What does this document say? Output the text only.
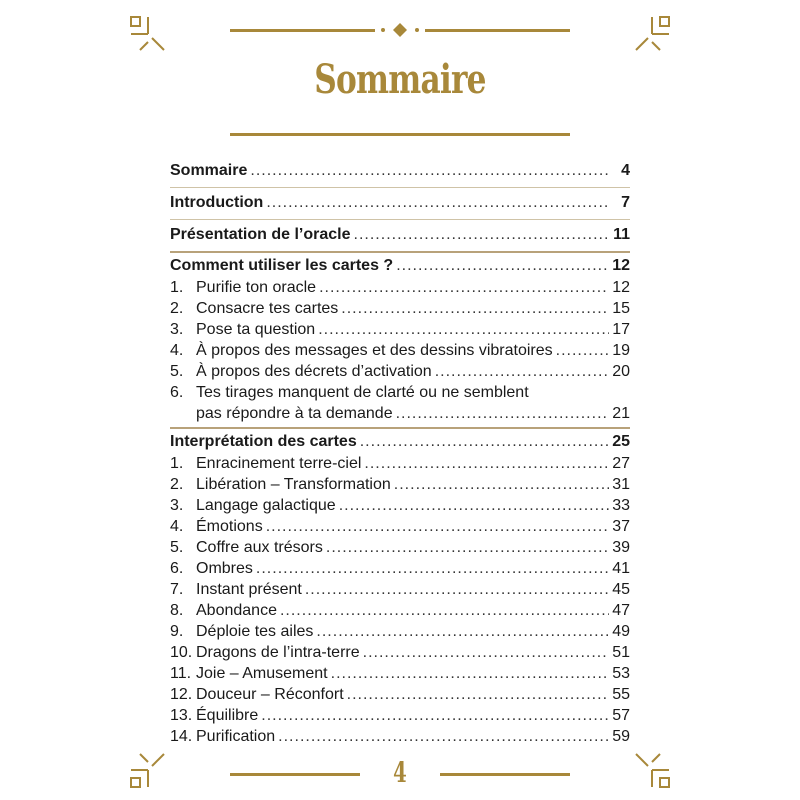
Sommaire
Sommaire .....	4
Introduction .....	7
Présentation de l’oracle .....	11
Comment utiliser les cartes ? .....	12
1. Purifie ton oracle .....	12
2. Consacre tes cartes .....	15
3. Pose ta question .....	17
4. À propos des messages et des dessins vibratoires .....	19
5. À propos des décrets d’activation .....	20
6. Tes tirages manquent de clarté ou ne semblent
pas répondre à ta demande .....	21
Interprétation des cartes .....	25
1. Enracinement terre-ciel .....	27
2. Libération – Transformation .....	31
3. Langage galactique .....	33
4. Émotions .....	37
5. Coffre aux trésors .....	39
6. Ombres .....	41
7. Instant présent .....	45
8. Abondance .....	47
9. Déploie tes ailes .....	49
10. Dragons de l’intra-terre .....	51
11. Joie – Amusement .....	53
12. Douceur – Réconfort .....	55
13. Équilibre .....	57
14. Purification .....	59
4
